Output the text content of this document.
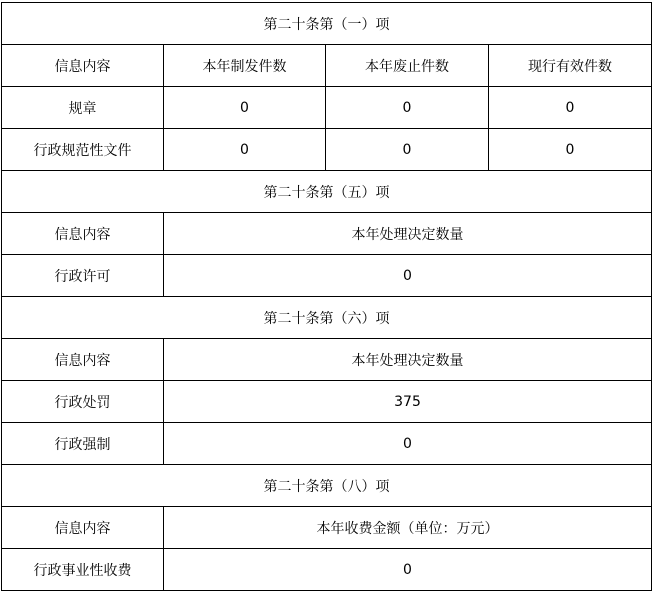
第二十条第（一）项			
信息内容	本年制发件数	本年废止件数	现行有效件数
规章	0	0	0
行政规范性文件	0	0	0
第二十条第（五）项			
信息内容	本年处理决定数量		
行政许可	0		
第二十条第（六）项			
信息内容	本年处理决定数量		
行政处罚	375		
行政强制	0		
第二十条第（八）项			
信息内容	本年收费金额（单位：万元）		
行政事业性收费	0		
